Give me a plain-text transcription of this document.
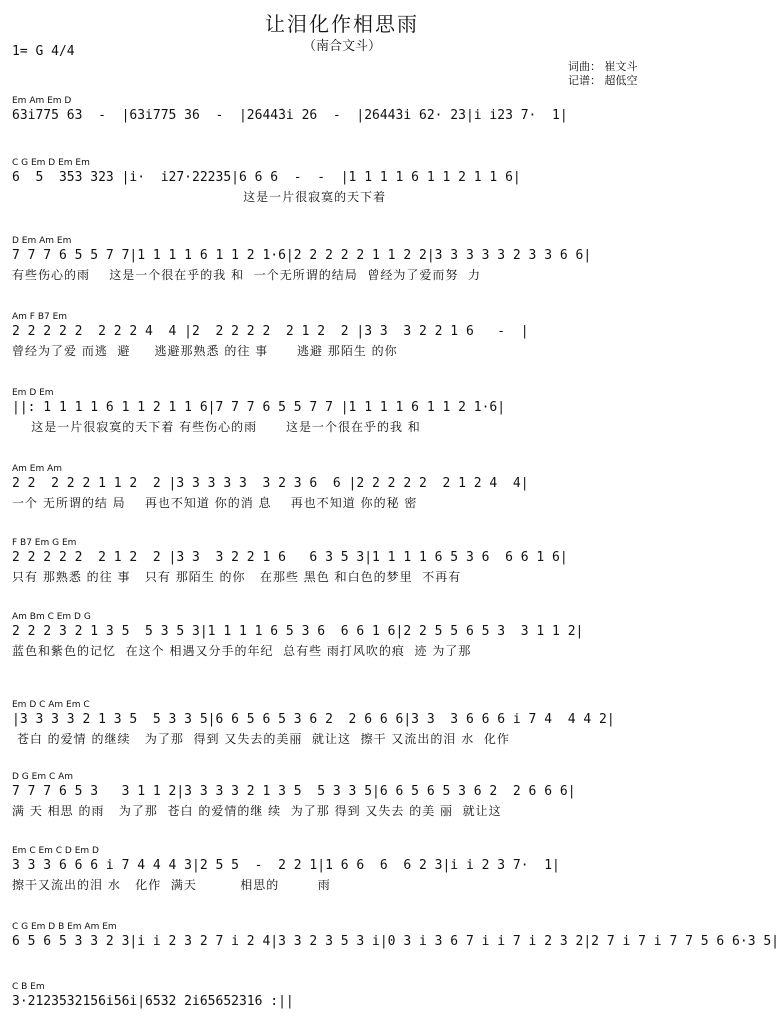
让泪化作相思雨
（南合文斗）
1= G 4/4
词曲： 崔文斗
记谱： 超低空
Em Am Em D
63i775 63  -  |63i775 36  -  |2644̇3i 26  -  |2644̇3i 62· 23|i i23 7·  1|
C G Em D Em Em
6  5  353 323 |i·  i27·22235|6 6 6  -  -  |1 1 1 1 6 1 1 2 1 1 6|
这是一片很寂寞的天下着
D Em Am Em
7 7 7 6 5 5 7 7|1 1 1 1 6 1 1 2 1·6|2 2 2 2 2 1 1 2 2|3 3 3 3 3 2 3 3 6 6|
有些伤心的雨    这是一个很在乎的我 和  一个无所谓的结局  曾经为了爱而努  力
Am F B7 Em
2 2 2 2 2  2 2 2 4  4 |2  2 2 2 2  2 1 2  2 |3 3  3 2 2 1 6   -  |
曾经为了爱 而逃  避     逃避那熟悉 的往 事      逃避 那陌生 的你
Em D Em
||: 1 1 1 1 6 1 1 2 1 1 6|7 7 7 6 5 5 7 7 |1 1 1 1 6 1 1 2 1·6|
这是一片很寂寞的天下着 有些伤心的雨      这是一个很在乎的我 和
Am Em Am
2 2  2 2 2 1 1 2  2 |3 3 3 3 3  3 2 3 6  6 |2 2 2 2 2  2 1 2 4  4|
一个 无所谓的结 局    再也不知道 你的消 息    再也不知道 你的秘 密
F B7 Em G Em
2 2 2 2 2  2 1 2  2 |3 3  3 2 2 1 6   6 3 5 3|1 1 1 1 6 5 3 6  6 6 1 6|
只有 那熟悉 的往 事   只有 那陌生 的你   在那些 黑色 和白色的梦里  不再有
Am Bm C Em D G
2 2 2 3 2 1 3 5  5 3 5 3|1 1 1 1 6 5 3 6  6 6 1 6|2 2 5 5 6 5 3  3 1 1 2|
蓝色和紫色的记忆  在这个 相遇又分手的年纪  总有些 雨打风吹的痕  迹 为了那
Em D C Am Em C
|3 3 3 3 2 1 3 5  5 3 3 5|6 6 5 6 5 3 6 2  2 6 6 6|3 3  3 6 6 6 i 7 4  4 4 2|
苍白 的爱情 的继续   为了那  得到 又失去的美丽  就让这  擦干 又流出的泪 水  化作
D G Em C Am
7 7 7 6 5 3   3 1 1 2|3 3 3 3 2 1 3 5  5 3 3 5|6 6 5 6 5 3 6 2  2 6 6 6|
满 天 相思 的雨   为了那  苍白 的爱情的继 续  为了那 得到 又失去 的美 丽  就让这
Em C Em C D Em D
3 3 3 6 6 6 i 7 4 4 4 3|2 5 5  -  2 2 1|1 6 6  6  6 2 3|i i 2 3 7·  1|
擦干又流出的泪 水   化作  满天         相思的        雨
C G Em D B Em Am Em
6 5 6 5 3 3 2 3|i i 2 3 2 7 i 2 4|3 3 2 3 5 3 i|0 3 i 3 6 7 i i 7 i 2 3 2|2 7 i 7 i 7 7 5 6 6·3 5|
C B Em
3·2123532156i56i|6532 2i65652316 :||
